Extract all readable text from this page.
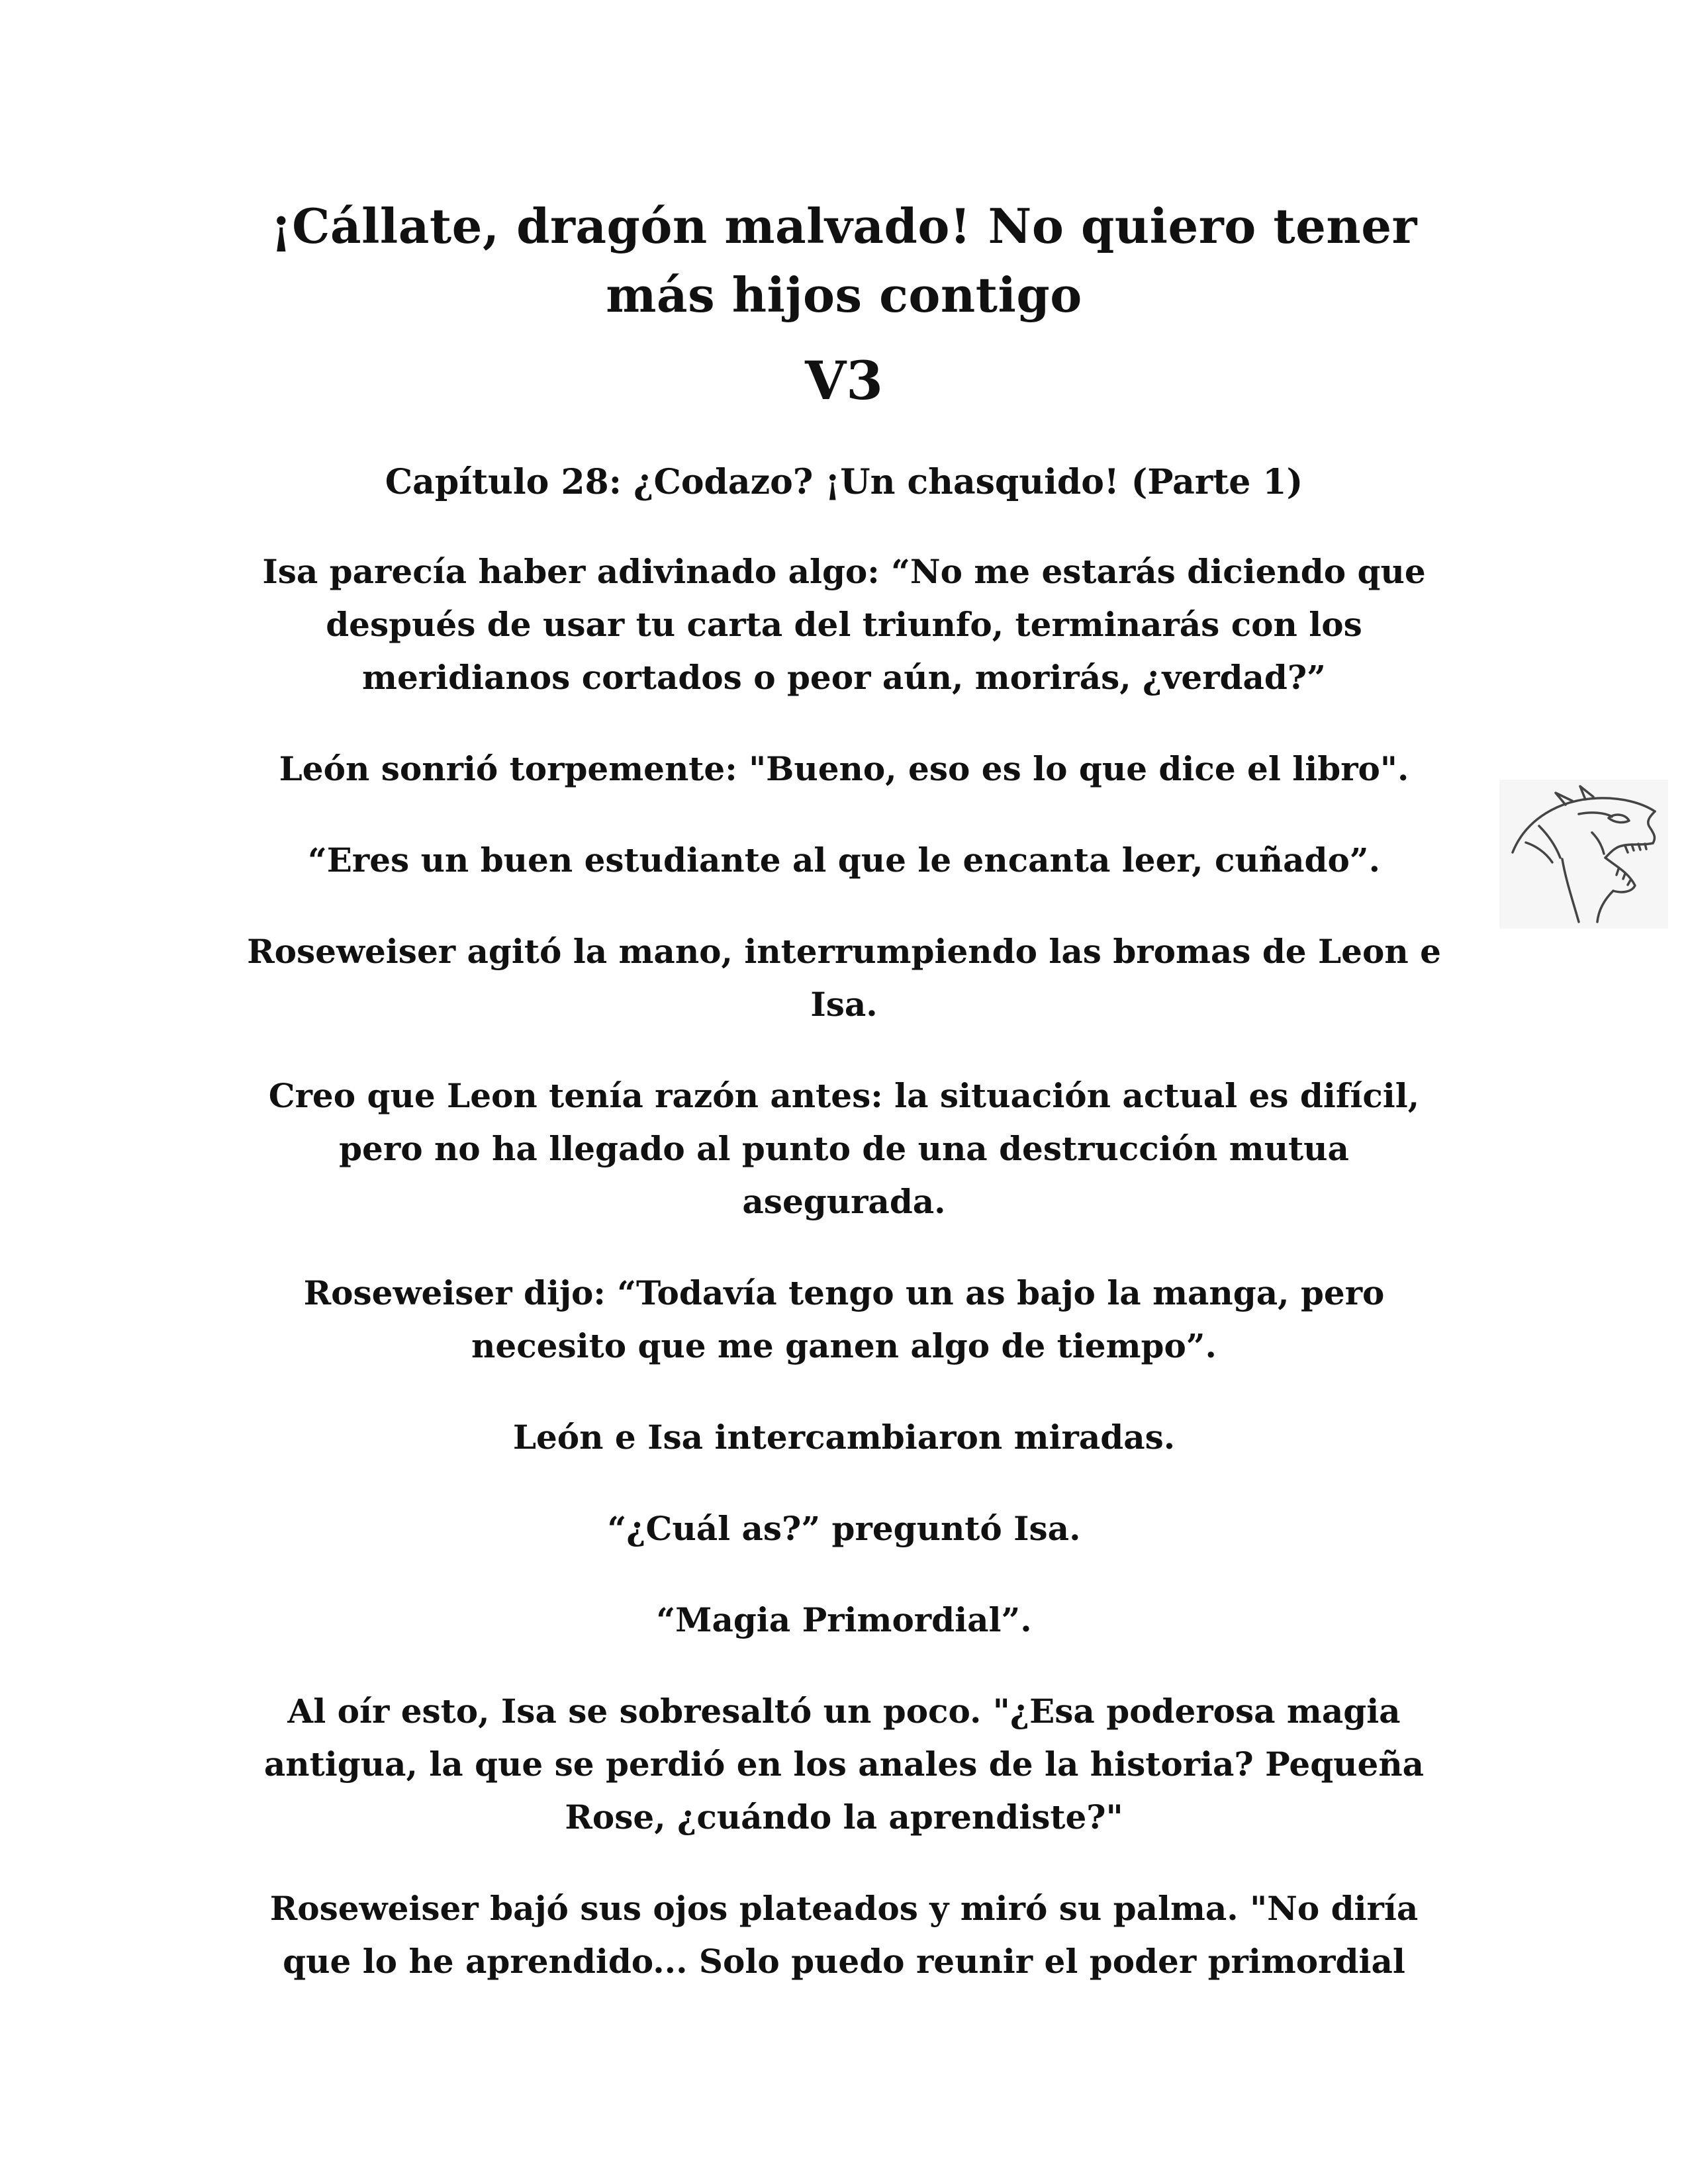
¡Cállate, dragón malvado! No quiero tener
más hijos contigo
V3
Capítulo 28: ¿Codazo? ¡Un chasquido! (Parte 1)

Isa parecía haber adivinado algo: “No me estarás diciendo que después de usar tu carta del triunfo, terminarás con los meridianos cortados o peor aún, morirás, ¿verdad?”

León sonrió torpemente: "Bueno, eso es lo que dice el libro".

“Eres un buen estudiante al que le encanta leer, cuñado”.

Roseweiser agitó la mano, interrumpiendo las bromas de Leon e Isa.

Creo que Leon tenía razón antes: la situación actual es difícil, pero no ha llegado al punto de una destrucción mutua asegurada.

Roseweiser dijo: “Todavía tengo un as bajo la manga, pero necesito que me ganen algo de tiempo”.

León e Isa intercambiaron miradas.

“¿Cuál as?” preguntó Isa.

“Magia Primordial”.

Al oír esto, Isa se sobresaltó un poco. "¿Esa poderosa magia antigua, la que se perdió en los anales de la historia? Pequeña Rose, ¿cuándo la aprendiste?"

Roseweiser bajó sus ojos plateados y miró su palma. "No diría que lo he aprendido... Solo puedo reunir el poder primordial
